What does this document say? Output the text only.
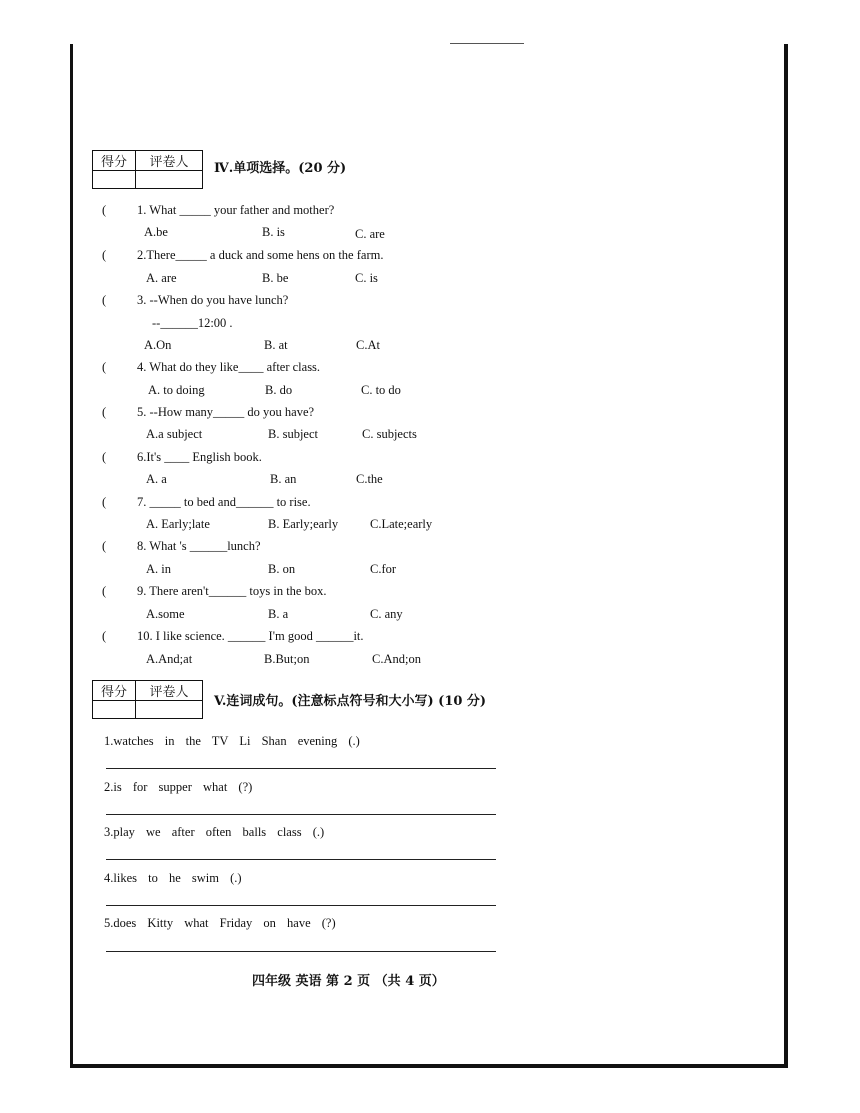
得分	评卷人
	Ⅳ.单项选择。(20 分)
( 1. What _____ your father and mother?
A.be	B. is	C. are
( 2.There_____ a duck and some hens on the farm.
A. are	B. be	C. is
( 3. --When do you have lunch?
--______12:00 .
A.On	B. at	C.At
( 4. What do they like____ after class.
A. to doing	B. do	C. to do
( 5. --How many_____ do you have?
A.a subject	B. subject	C. subjects
( 6.It's ____ English book.
A. a	B. an	C.the
( 7. _____ to bed and______ to rise.
A. Early;late	B. Early;early	C.Late;early
( 8. What 's ______lunch?
A. in	B. on	C.for
( 9. There aren't______ toys in the box.
A.some	B. a	C. any
( 10. I like science. ______ I'm good ______it.
A.And;at	B.But;on	C.And;on
得分	评卷人

V.连词成句。(注意标点符号和大小写) (10 分)
1.watches in the TV Li Shan evening (.)
2.is for supper what (?)
3.play we after often balls class (.)
4.likes to he swim (.)
5.does Kitty what Friday on have (?)
四年级 英语 第 2 页 （共 4 页）
